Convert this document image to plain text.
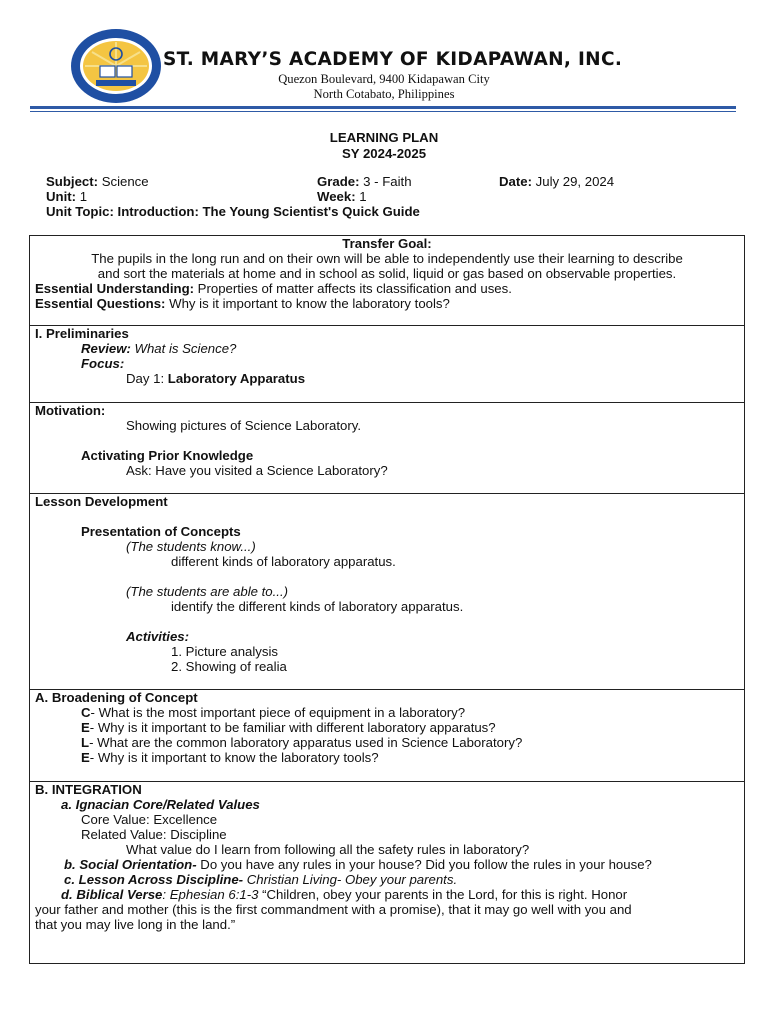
ST. MARY’S ACADEMY OF KIDAPAWAN, INC.
Quezon Boulevard, 9400 Kidapawan City
North Cotabato, Philippines
LEARNING PLAN
SY 2024-2025
Subject: Science	Grade: 3 - Faith	Date: July 29, 2024
Unit: 1	Week: 1
Unit Topic: Introduction: The Young Scientist's Quick Guide
Transfer Goal:
The pupils in the long run and on their own will be able to independently use their learning to describe
and sort the materials at home and in school as solid, liquid or gas based on observable properties.
Essential Understanding: Properties of matter affects its classification and uses.
Essential Questions: Why is it important to know the laboratory tools?
I. Preliminaries
Review: What is Science?
Focus:
Day 1: Laboratory Apparatus
Motivation:
Showing pictures of Science Laboratory.
Activating Prior Knowledge
Ask: Have you visited a Science Laboratory?
Lesson Development
Presentation of Concepts
(The students know...)
different kinds of laboratory apparatus.
(The students are able to...)
identify the different kinds of laboratory apparatus.
Activities:
1. Picture analysis
2. Showing of realia
A. Broadening of Concept
C- What is the most important piece of equipment in a laboratory?
E- Why is it important to be familiar with different laboratory apparatus?
L- What are the common laboratory apparatus used in Science Laboratory?
E- Why is it important to know the laboratory tools?
B. INTEGRATION
a. Ignacian Core/Related Values
Core Value: Excellence
Related Value: Discipline
What value do I learn from following all the safety rules in laboratory?
b. Social Orientation- Do you have any rules in your house? Did you follow the rules in your house?
c. Lesson Across Discipline- Christian Living- Obey your parents.
d. Biblical Verse: Ephesian 6:1-3 “Children, obey your parents in the Lord, for this is right. Honor
your father and mother (this is the first commandment with a promise), that it may go well with you and
that you may live long in the land.”
